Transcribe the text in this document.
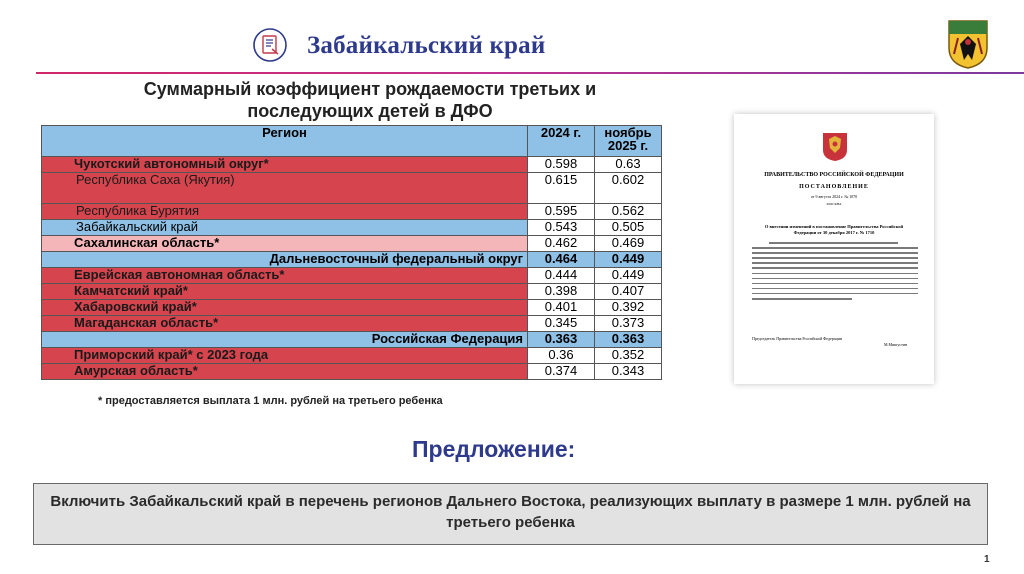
Забайкальский край
Суммарный коэффициент рождаемости третьих и последующих детей в ДФО
Регион	2024 г.	ноябрь 2025 г.
Чукотский автономный округ*	0.598	0.63
Республика Саха (Якутия)	0.615	0.602
Республика Бурятия	0.595	0.562
Забайкальский край	0.543	0.505
Сахалинская область*	0.462	0.469
Дальневосточный федеральный округ	0.464	0.449
Еврейская автономная область*	0.444	0.449
Камчатский край*	0.398	0.407
Хабаровский край*	0.401	0.392
Магаданская область*	0.345	0.373
Российская Федерация	0.363	0.363
Приморский край* с 2023 года	0.36	0.352
Амурская область*	0.374	0.343
* предоставляется выплата 1 млн. рублей на третьего ребенка
ПРАВИТЕЛЬСТВО РОССИЙСКОЙ ФЕДЕРАЦИИ
ПОСТАНОВЛЕНИЕ
от 9 августа 2024 г. № 1070
МОСКВА
О внесении изменений в постановление Правительства Российской Федерации от 30 декабря 2017 г. № 1710
Председатель Правительства Российской Федерации
М.Мишустин
Предложение:
Включить Забайкальский край в перечень регионов Дальнего Востока, реализующих выплату в размере 1 млн. рублей на третьего ребенка
1
